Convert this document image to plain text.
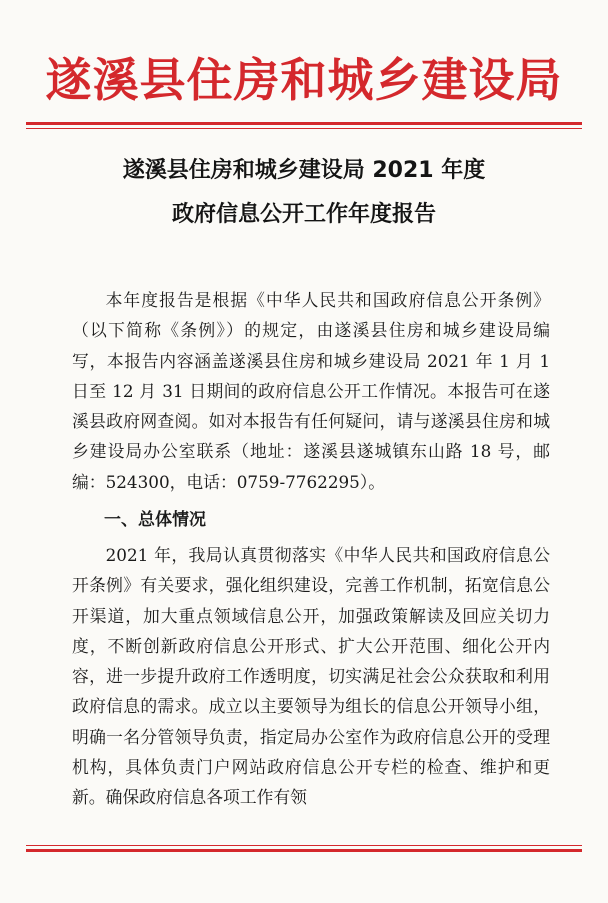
遂溪县住房和城乡建设局
遂溪县住房和城乡建设局 2021 年度
政府信息公开工作年度报告
本年度报告是根据《中华人民共和国政府信息公开条例》（以下简称《条例》）的规定，由遂溪县住房和城乡建设局编写，本报告内容涵盖遂溪县住房和城乡建设局 2021 年 1 月 1 日至 12 月 31 日期间的政府信息公开工作情况。本报告可在遂溪县政府网查阅。如对本报告有任何疑问，请与遂溪县住房和城乡建设局办公室联系（地址：遂溪县遂城镇东山路 18 号，邮编：524300，电话：0759-7762295）。
一、总体情况
2021 年，我局认真贯彻落实《中华人民共和国政府信息公开条例》有关要求，强化组织建设，完善工作机制，拓宽信息公开渠道，加大重点领域信息公开，加强政策解读及回应关切力度，不断创新政府信息公开形式、扩大公开范围、细化公开内容，进一步提升政府工作透明度，切实满足社会公众获取和利用政府信息的需求。成立以主要领导为组长的信息公开领导小组，明确一名分管领导负责，指定局办公室作为政府信息公开的受理机构，具体负责门户网站政府信息公开专栏的检查、维护和更新。确保政府信息各项工作有领
